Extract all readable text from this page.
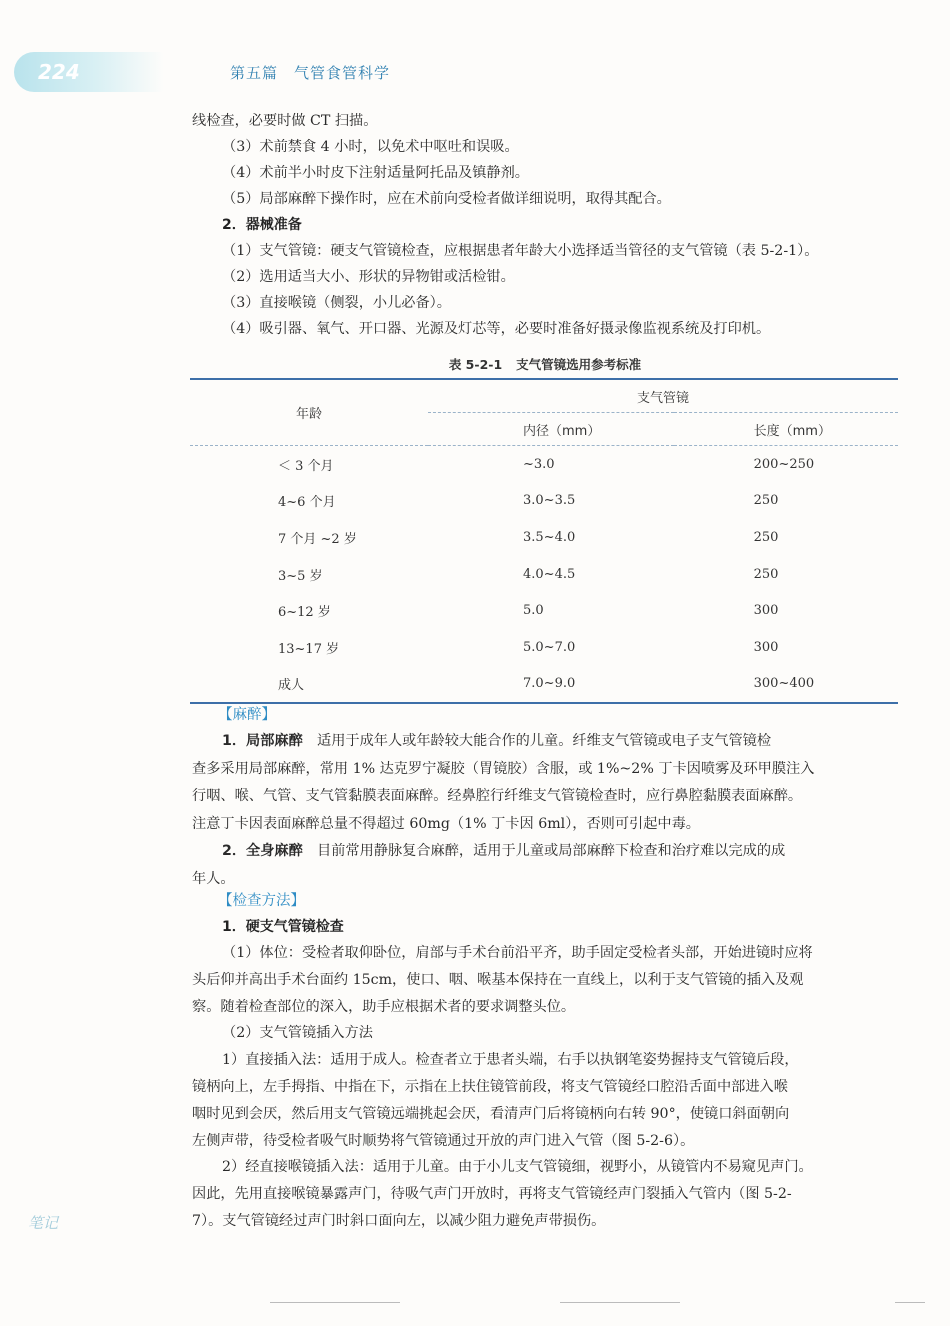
224	第五篇 气管食管科学
线检查，必要时做 CT 扫描。
（3）术前禁食 4 小时，以免术中呕吐和误吸。
（4）术前半小时皮下注射适量阿托品及镇静剂。
（5）局部麻醉下操作时，应在术前向受检者做详细说明，取得其配合。
2．器械准备
（1）支气管镜：硬支气管镜检查，应根据患者年龄大小选择适当管径的支气管镜（表 5-2-1）。
（2）选用适当大小、形状的异物钳或活检钳。
（3）直接喉镜（侧裂，小儿必备）。
（4）吸引器、氧气、开口器、光源及灯芯等，必要时准备好摄录像监视系统及打印机。
表 5-2-1 支气管镜选用参考标准
年龄	支气管镜	
	内径（mm）	长度（mm）
＜ 3 个月	~3.0	200~250
4~6 个月	3.0~3.5	250
7 个月 ~2 岁	3.5~4.0	250
3~5 岁	4.0~4.5	250
6~12 岁	5.0	300
13~17 岁	5.0~7.0	300
成人	7.0~9.0	300~400
【麻醉】
1．局部麻醉  适用于成年人或年龄较大能合作的儿童。纤维支气管镜或电子支气管镜检
查多采用局部麻醉，常用 1% 达克罗宁凝胶（胃镜胶）含服，或 1%~2% 丁卡因喷雾及环甲膜注入
行咽、喉、气管、支气管黏膜表面麻醉。经鼻腔行纤维支气管镜检查时，应行鼻腔黏膜表面麻醉。
注意丁卡因表面麻醉总量不得超过 60mg（1% 丁卡因 6ml），否则可引起中毒。
2．全身麻醉  目前常用静脉复合麻醉，适用于儿童或局部麻醉下检查和治疗难以完成的成
年人。
【检查方法】
1．硬支气管镜检查
（1）体位：受检者取仰卧位，肩部与手术台前沿平齐，助手固定受检者头部，开始进镜时应将
头后仰并高出手术台面约 15cm，使口、咽、喉基本保持在一直线上，以利于支气管镜的插入及观
察。随着检查部位的深入，助手应根据术者的要求调整头位。
（2）支气管镜插入方法
1）直接插入法：适用于成人。检查者立于患者头端，右手以执钢笔姿势握持支气管镜后段，
镜柄向上，左手拇指、中指在下，示指在上扶住镜管前段，将支气管镜经口腔沿舌面中部进入喉
咽时见到会厌，然后用支气管镜远端挑起会厌，看清声门后将镜柄向右转 90°，使镜口斜面朝向
左侧声带，待受检者吸气时顺势将气管镜通过开放的声门进入气管（图 5-2-6）。
2）经直接喉镜插入法：适用于儿童。由于小儿支气管镜细，视野小，从镜管内不易窥见声门。
因此，先用直接喉镜暴露声门，待吸气声门开放时，再将支气管镜经声门裂插入气管内（图 5-2-
7）。支气管镜经过声门时斜口面向左，以减少阻力避免声带损伤。
笔记
